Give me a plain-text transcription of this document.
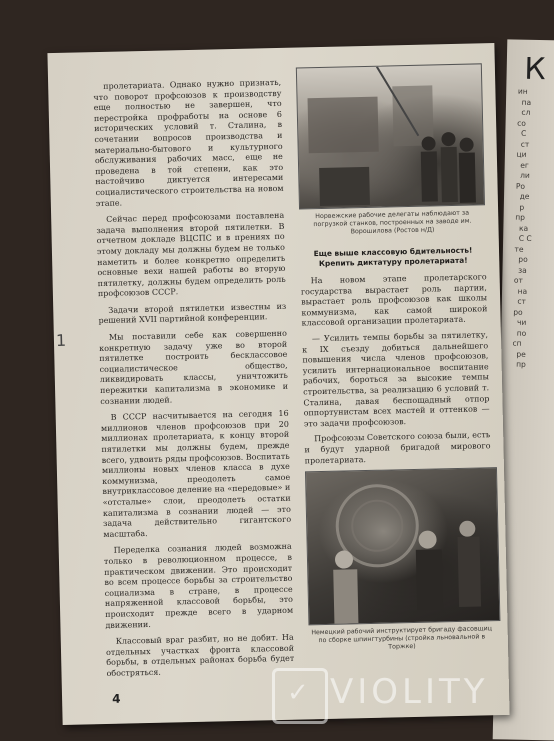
К
ин
па
сл
со
С
ст
ци
ег
ли
Ро
де
р
пр
ка
С С
те
ро
за
от
на
ст
ро
чи
по
сп
ре
пр

пролетариата. Однако нужно признать, что поворот профсоюзов к производству еще полностью не завершен, что перестройка профработы на основе 6 исторических условий т. Сталина, в сочетании вопросов производства и материально-бытового и культурного обслуживания рабочих масс, еще не проведена в той степени, как это настойчиво диктуется интересами социалистического строительства на новом этапе.

Сейчас перед профсоюзами поставлена задача выполнения второй пятилетки. В отчетном докладе ВЦСПС и в прениях по этому докладу мы должны будем не только наметить и более конкретно определить основные вехи нашей работы во вторую пятилетку, должны будем определить роль профсоюзов СССР.

Задачи второй пятилетки известны из решений XVII партийной конференции.

Мы поставили себе как совершенно конкретную задачу уже во второй пятилетке построить бесклассовое социалистическое общество, ликвидировать классы, уничтожить пережитки капитализма в экономике и сознании людей.

В СССР насчитывается на сегодня 16 миллионов членов профсоюзов при 20 миллионах пролетариата, к концу второй пятилетки мы должны будем, прежде всего, удвоить ряды профсоюзов. Воспитать миллионы новых членов класса в духе коммунизма, преодолеть самое внутриклассовое деление на «передовые» и «отсталые» слои, преодолеть остатки капитализма в сознании людей — это задача действительно гигантского масштаба.

Переделка сознания людей возможна только в революционном процессе, в практическом движении. Это происходит во всем процессе борьбы за строительство социализма в стране, в процессе напряженной классовой борьбы, это происходит прежде всего в ударном движении.

Классовый враг разбит, но не добит. На отдельных участках фронта классовой борьбы, в отдельных районах борьба будет обостряться.

Норвежские рабочие делегаты наблюдают за погрузкой станков, построенных на заводе им. Ворошилова (Ростов н/Д)
Еще выше классовую бдительность!
Крепить диктатуру пролетариата!

На новом этапе пролетарского государства вырастает роль партии, вырастает роль профсоюзов как школы коммунизма, как самой широкой классовой организации пролетариата.

— Усилить темпы борьбы за пятилетку, к IX съезду добиться дальнейшего повышения числа членов профсоюзов, усилить интернациональное воспитание рабочих, бороться за высокие темпы строительства, за реализацию 6 условий т. Сталина, давая беспощадный отпор оппортунистам всех мастей и оттенков — это задачи профсоюзов.

Профсоюзы Советского союза были, есть и будут ударной бригадой мирового пролетариата.

Немецкий рабочий инструктирует бригаду фасовщиц по сборке шпингтурбины (стройка льновальной в Торжке)
4
1
✓ VIOLITY
